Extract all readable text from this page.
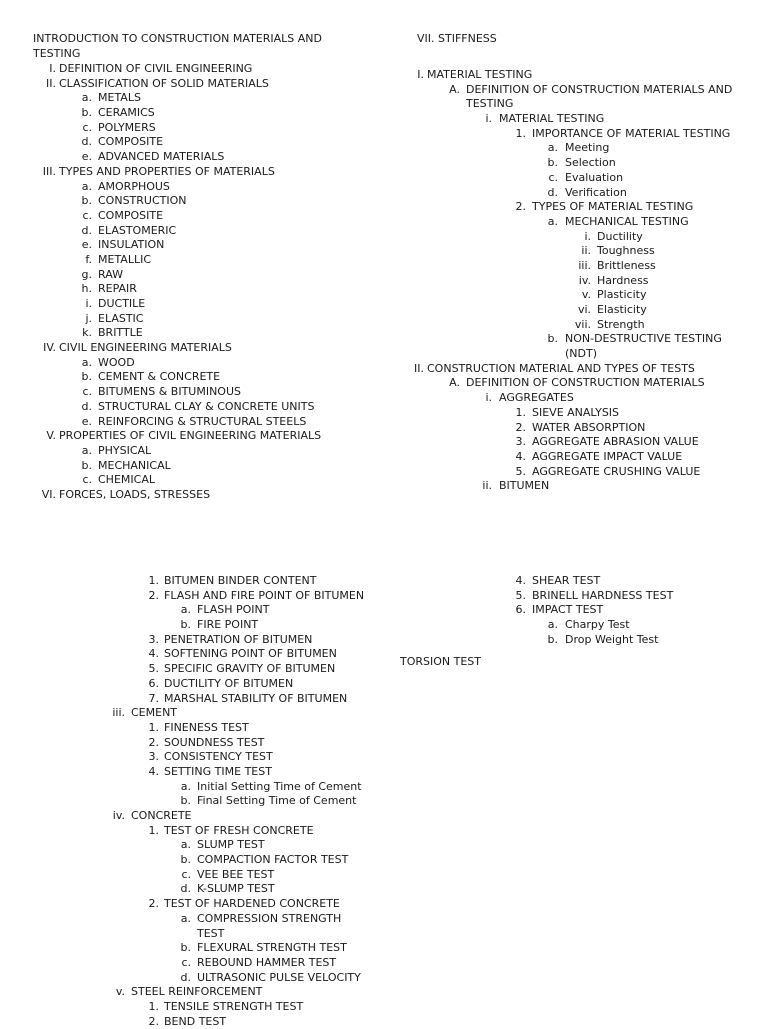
INTRODUCTION TO CONSTRUCTION MATERIALS AND
TESTING
I. DEFINITION OF CIVIL ENGINEERING
II. CLASSIFICATION OF SOLID MATERIALS
a. METALS
b. CERAMICS
c. POLYMERS
d. COMPOSITE
e. ADVANCED MATERIALS
III. TYPES AND PROPERTIES OF MATERIALS
a. AMORPHOUS
b. CONSTRUCTION
c. COMPOSITE
d. ELASTOMERIC
e. INSULATION
f. METALLIC
g. RAW
h. REPAIR
i. DUCTILE
j. ELASTIC
k. BRITTLE
IV. CIVIL ENGINEERING MATERIALS
a. WOOD
b. CEMENT & CONCRETE
c. BITUMENS & BITUMINOUS
d. STRUCTURAL CLAY & CONCRETE UNITS
e. REINFORCING & STRUCTURAL STEELS
V. PROPERTIES OF CIVIL ENGINEERING MATERIALS
a. PHYSICAL
b. MECHANICAL
c. CHEMICAL
VI. FORCES, LOADS, STRESSES
VII. STIFFNESS
I. MATERIAL TESTING
A. DEFINITION OF CONSTRUCTION MATERIALS AND
TESTING
i. MATERIAL TESTING
1. IMPORTANCE OF MATERIAL TESTING
a. Meeting
b. Selection
c. Evaluation
d. Verification
2. TYPES OF MATERIAL TESTING
a. MECHANICAL TESTING
i. Ductility
ii. Toughness
iii. Brittleness
iv. Hardness
v. Plasticity
vi. Elasticity
vii. Strength
b. NON-DESTRUCTIVE TESTING
(NDT)
II. CONSTRUCTION MATERIAL AND TYPES OF TESTS
A. DEFINITION OF CONSTRUCTION MATERIALS
i. AGGREGATES
1. SIEVE ANALYSIS
2. WATER ABSORPTION
3. AGGREGATE ABRASION VALUE
4. AGGREGATE IMPACT VALUE
5. AGGREGATE CRUSHING VALUE
ii. BITUMEN
1. BITUMEN BINDER CONTENT
2. FLASH AND FIRE POINT OF BITUMEN
a. FLASH POINT
b. FIRE POINT
3. PENETRATION OF BITUMEN
4. SOFTENING POINT OF BITUMEN
5. SPECIFIC GRAVITY OF BITUMEN
6. DUCTILITY OF BITUMEN
7. MARSHAL STABILITY OF BITUMEN
iii. CEMENT
1. FINENESS TEST
2. SOUNDNESS TEST
3. CONSISTENCY TEST
4. SETTING TIME TEST
a. Initial Setting Time of Cement
b. Final Setting Time of Cement
iv. CONCRETE
1. TEST OF FRESH CONCRETE
a. SLUMP TEST
b. COMPACTION FACTOR TEST
c. VEE BEE TEST
d. K-SLUMP TEST
2. TEST OF HARDENED CONCRETE
a. COMPRESSION STRENGTH
TEST
b. FLEXURAL STRENGTH TEST
c. REBOUND HAMMER TEST
d. ULTRASONIC PULSE VELOCITY
v. STEEL REINFORCEMENT
1. TENSILE STRENGTH TEST
2. BEND TEST
4. SHEAR TEST
5. BRINELL HARDNESS TEST
6. IMPACT TEST
a. Charpy Test
b. Drop Weight Test
TORSION TEST
